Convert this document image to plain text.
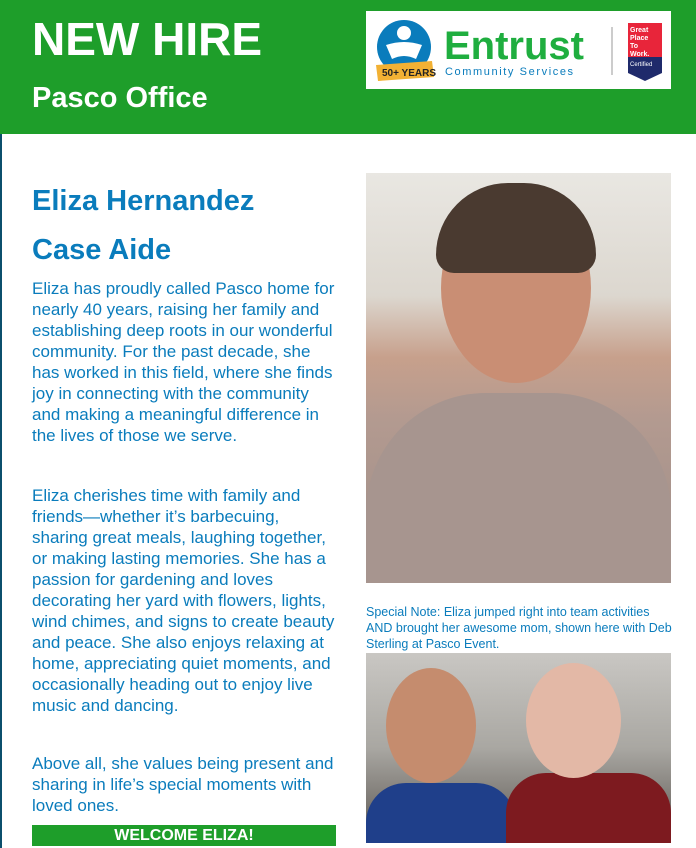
NEW HIRE
Pasco Office
50+ YEARS
Entrust
Community Services
Great
Place
To
Work.
Certified
Eliza Hernandez
Case Aide

Eliza has proudly called Pasco home for nearly 40 years, raising her family and establishing deep roots in our wonderful community. For the past decade, she has worked in this field, where she finds joy in connecting with the community and making a meaningful difference in the lives of those we serve.

Eliza cherishes time with family and friends—whether it’s barbecuing, sharing great meals, laughing together, or making lasting memories. She has a passion for gardening and loves decorating her yard with flowers, lights, wind chimes, and signs to create beauty and peace. She also enjoys relaxing at home, appreciating quiet moments, and occasionally heading out to enjoy live music and dancing.

Above all, she values being present and sharing in life’s special moments with loved ones.

WELCOME ELIZA!
Special Note: Eliza jumped right into team activities AND brought her awesome mom, shown here with Deb Sterling at Pasco Event.
